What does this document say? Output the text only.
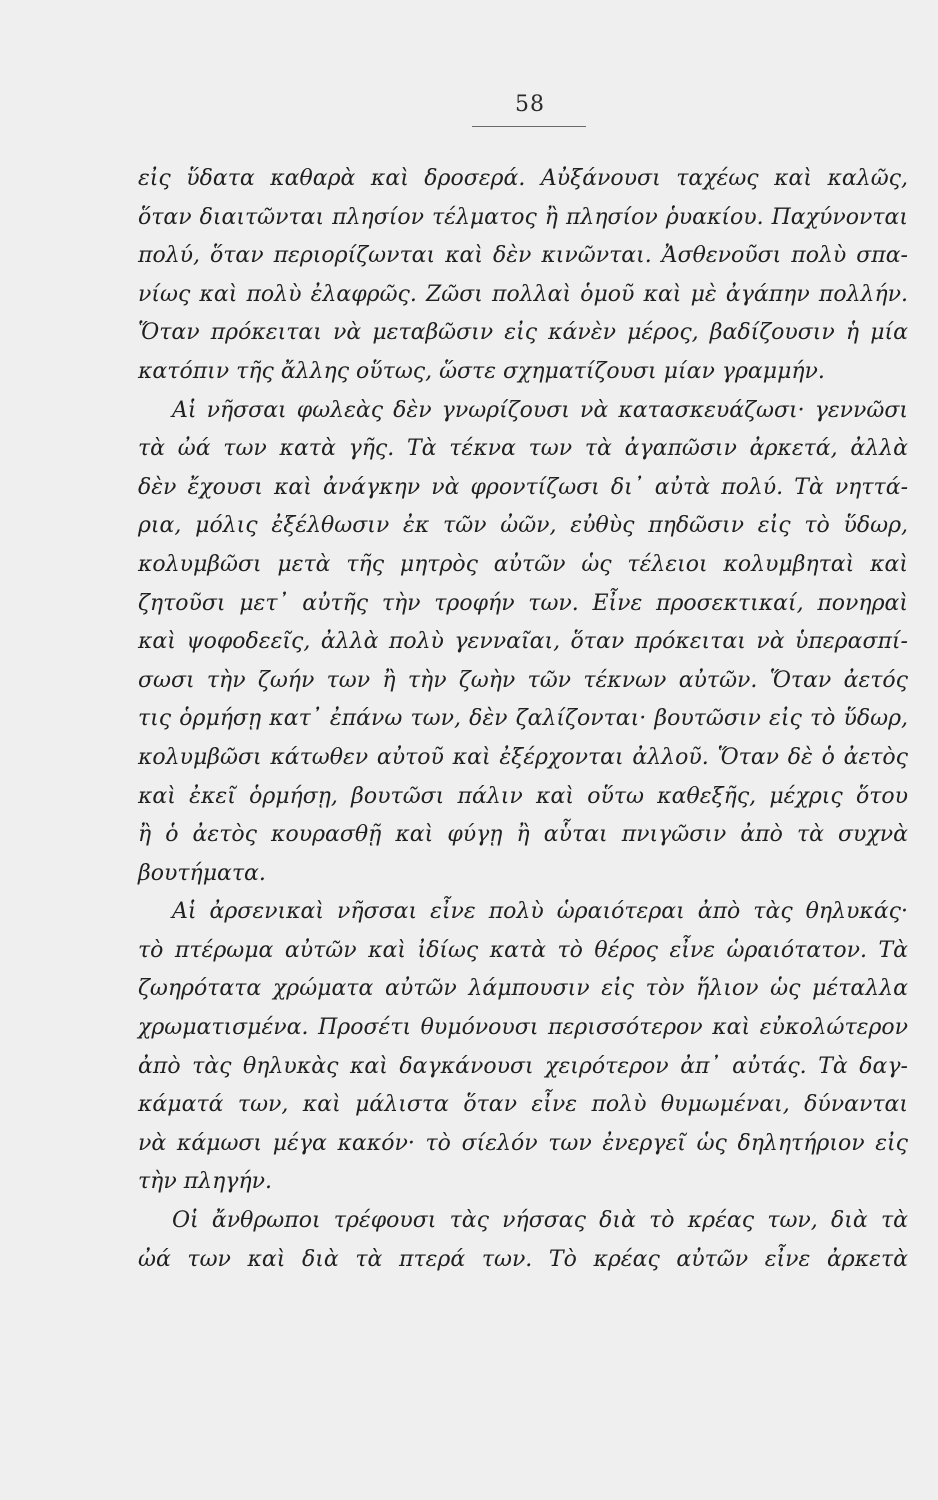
58
εἰς ὕδατα καθαρὰ καὶ δροσερά. Αὐξάνουσι ταχέως καὶ καλῶς,
ὅταν διαιτῶνται πλησίον τέλματος ἢ πλησίον ῥυακίου. Παχύνονται
πολύ, ὅταν περιορίζωνται καὶ δὲν κινῶνται. Ἀσθενοῦσι πολὺ σπα-
νίως καὶ πολὺ ἐλαφρῶς. Ζῶσι πολλαὶ ὁμοῦ καὶ μὲ ἀγάπην πολλήν.
Ὅταν πρόκειται νὰ μεταβῶσιν εἰς κάνὲν μέρος, βαδίζουσιν ἡ μία
κατόπιν τῆς ἄλλης οὕτως, ὥστε σχηματίζουσι μίαν γραμμήν.
Αἱ νῆσσαι φωλεὰς δὲν γνωρίζουσι νὰ κατασκευάζωσι· γεννῶσι
τὰ ὠά των κατὰ γῆς. Τὰ τέκνα των τὰ ἀγαπῶσιν ἀρκετά, ἀλλὰ
δὲν ἔχουσι καὶ ἀνάγκην νὰ φροντίζωσι δι᾽ αὐτὰ πολύ. Τὰ νηττά-
ρια, μόλις ἐξέλθωσιν ἐκ τῶν ὠῶν, εὐθὺς πηδῶσιν εἰς τὸ ὕδωρ,
κολυμβῶσι μετὰ τῆς μητρὸς αὐτῶν ὡς τέλειοι κολυμβηταὶ καὶ
ζητοῦσι μετ᾽ αὐτῆς τὴν τροφήν των. Εἶνε προσεκτικαί, πονηραὶ
καὶ ψοφοδεεῖς, ἀλλὰ πολὺ γενναῖαι, ὅταν πρόκειται νὰ ὑπερασπί-
σωσι τὴν ζωήν των ἢ τὴν ζωὴν τῶν τέκνων αὐτῶν. Ὅταν ἀετός
τις ὁρμήσῃ κατ᾽ ἐπάνω των, δὲν ζαλίζονται· βουτῶσιν εἰς τὸ ὕδωρ,
κολυμβῶσι κάτωθεν αὐτοῦ καὶ ἐξέρχονται ἀλλοῦ. Ὅταν δὲ ὁ ἀετὸς
καὶ ἐκεῖ ὁρμήσῃ, βουτῶσι πάλιν καὶ οὕτω καθεξῆς, μέχρις ὅτου
ἢ ὁ ἀετὸς κουρασθῇ καὶ φύγῃ ἢ αὗται πνιγῶσιν ἀπὸ τὰ συχνὰ
βουτήματα.
Αἱ ἀρσενικαὶ νῆσσαι εἶνε πολὺ ὡραιότεραι ἀπὸ τὰς θηλυκάς·
τὸ πτέρωμα αὐτῶν καὶ ἰδίως κατὰ τὸ θέρος εἶνε ὡραιότατον. Τὰ
ζωηρότατα χρώματα αὐτῶν λάμπουσιν εἰς τὸν ἥλιον ὡς μέταλλα
χρωματισμένα. Προσέτι θυμόνουσι περισσότερον καὶ εὐκολώτερον
ἀπὸ τὰς θηλυκὰς καὶ δαγκάνουσι χειρότερον ἀπ᾽ αὐτάς. Τὰ δαγ-
κάματά των, καὶ μάλιστα ὅταν εἶνε πολὺ θυμωμέναι, δύνανται
νὰ κάμωσι μέγα κακόν· τὸ σίελόν των ἐνεργεῖ ὡς δηλητήριον εἰς
τὴν πληγήν.
Οἱ ἄνθρωποι τρέφουσι τὰς νήσσας διὰ τὸ κρέας των, διὰ τὰ
ὠά των καὶ διὰ τὰ πτερά των. Τὸ κρέας αὐτῶν εἶνε ἀρκετὰ
